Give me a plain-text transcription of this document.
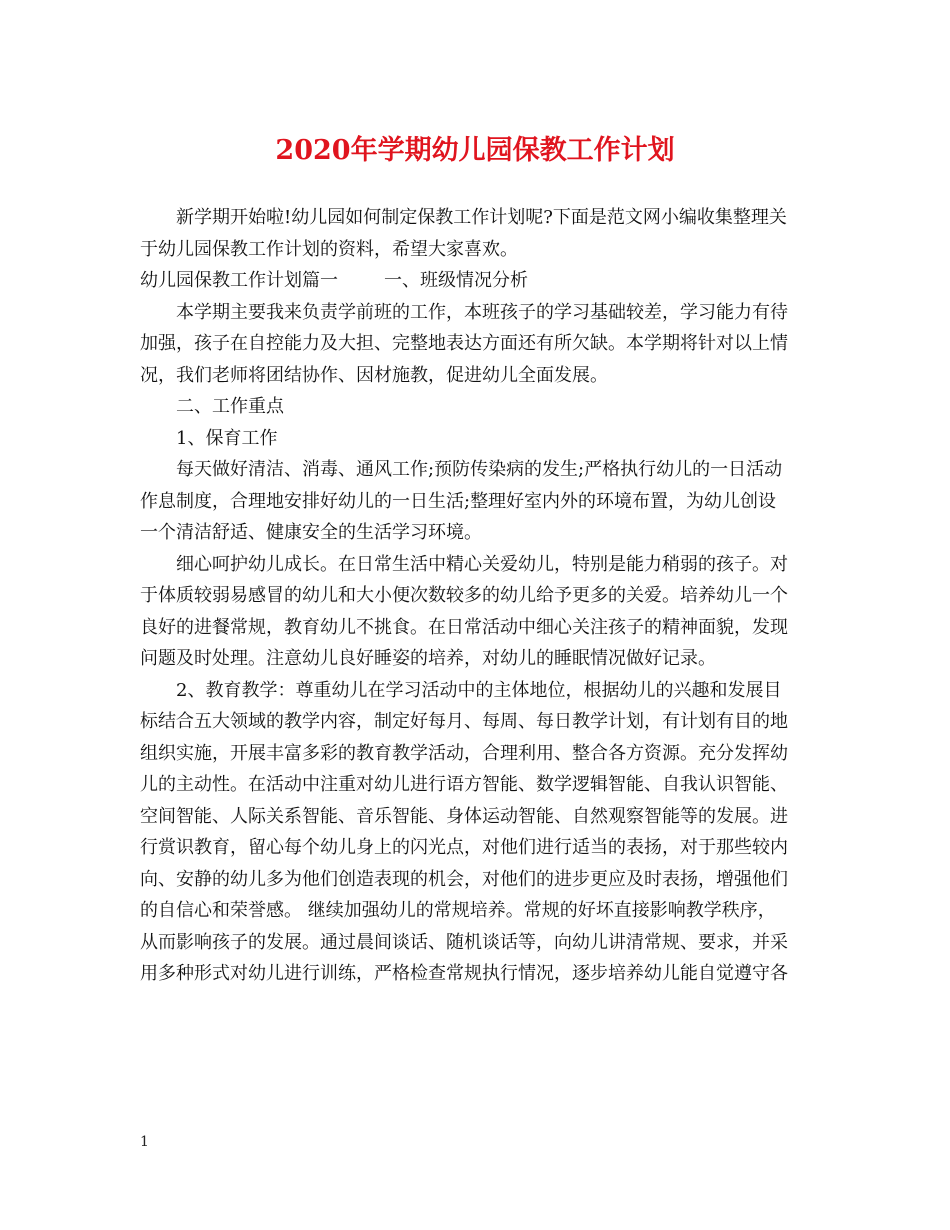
2020年学期幼儿园保教工作计划
新学期开始啦!幼儿园如何制定保教工作计划呢?下面是范文网小编收集整理关
于幼儿园保教工作计划的资料，希望大家喜欢。
幼儿园保教工作计划篇一	一、班级情况分析
本学期主要我来负责学前班的工作，本班孩子的学习基础较差，学习能力有待
加强，孩子在自控能力及大担、完整地表达方面还有所欠缺。本学期将针对以上情
况，我们老师将团结协作、因材施教，促进幼儿全面发展。
二、工作重点
1、保育工作
每天做好清洁、消毒、通风工作;预防传染病的发生;严格执行幼儿的一日活动
作息制度，合理地安排好幼儿的一日生活;整理好室内外的环境布置，为幼儿创设
一个清洁舒适、健康安全的生活学习环境。
细心呵护幼儿成长。在日常生活中精心关爱幼儿，特别是能力稍弱的孩子。对
于体质较弱易感冒的幼儿和大小便次数较多的幼儿给予更多的关爱。培养幼儿一个
良好的进餐常规，教育幼儿不挑食。在日常活动中细心关注孩子的精神面貌，发现
问题及时处理。注意幼儿良好睡姿的培养，对幼儿的睡眠情况做好记录。
2、教育教学：尊重幼儿在学习活动中的主体地位，根据幼儿的兴趣和发展目
标结合五大领域的教学内容，制定好每月、每周、每日教学计划，有计划有目的地
组织实施，开展丰富多彩的教育教学活动，合理利用、整合各方资源。充分发挥幼
儿的主动性。在活动中注重对幼儿进行语方智能、数学逻辑智能、自我认识智能、
空间智能、人际关系智能、音乐智能、身体运动智能、自然观察智能等的发展。进
行赏识教育，留心每个幼儿身上的闪光点，对他们进行适当的表扬，对于那些较内
向、安静的幼儿多为他们创造表现的机会，对他们的进步更应及时表扬，增强他们
的自信心和荣誉感。 继续加强幼儿的常规培养。常规的好坏直接影响教学秩序，
从而影响孩子的发展。通过晨间谈话、随机谈话等，向幼儿讲清常规、要求，并采
用多种形式对幼儿进行训练，严格检查常规执行情况，逐步培养幼儿能自觉遵守各
1
